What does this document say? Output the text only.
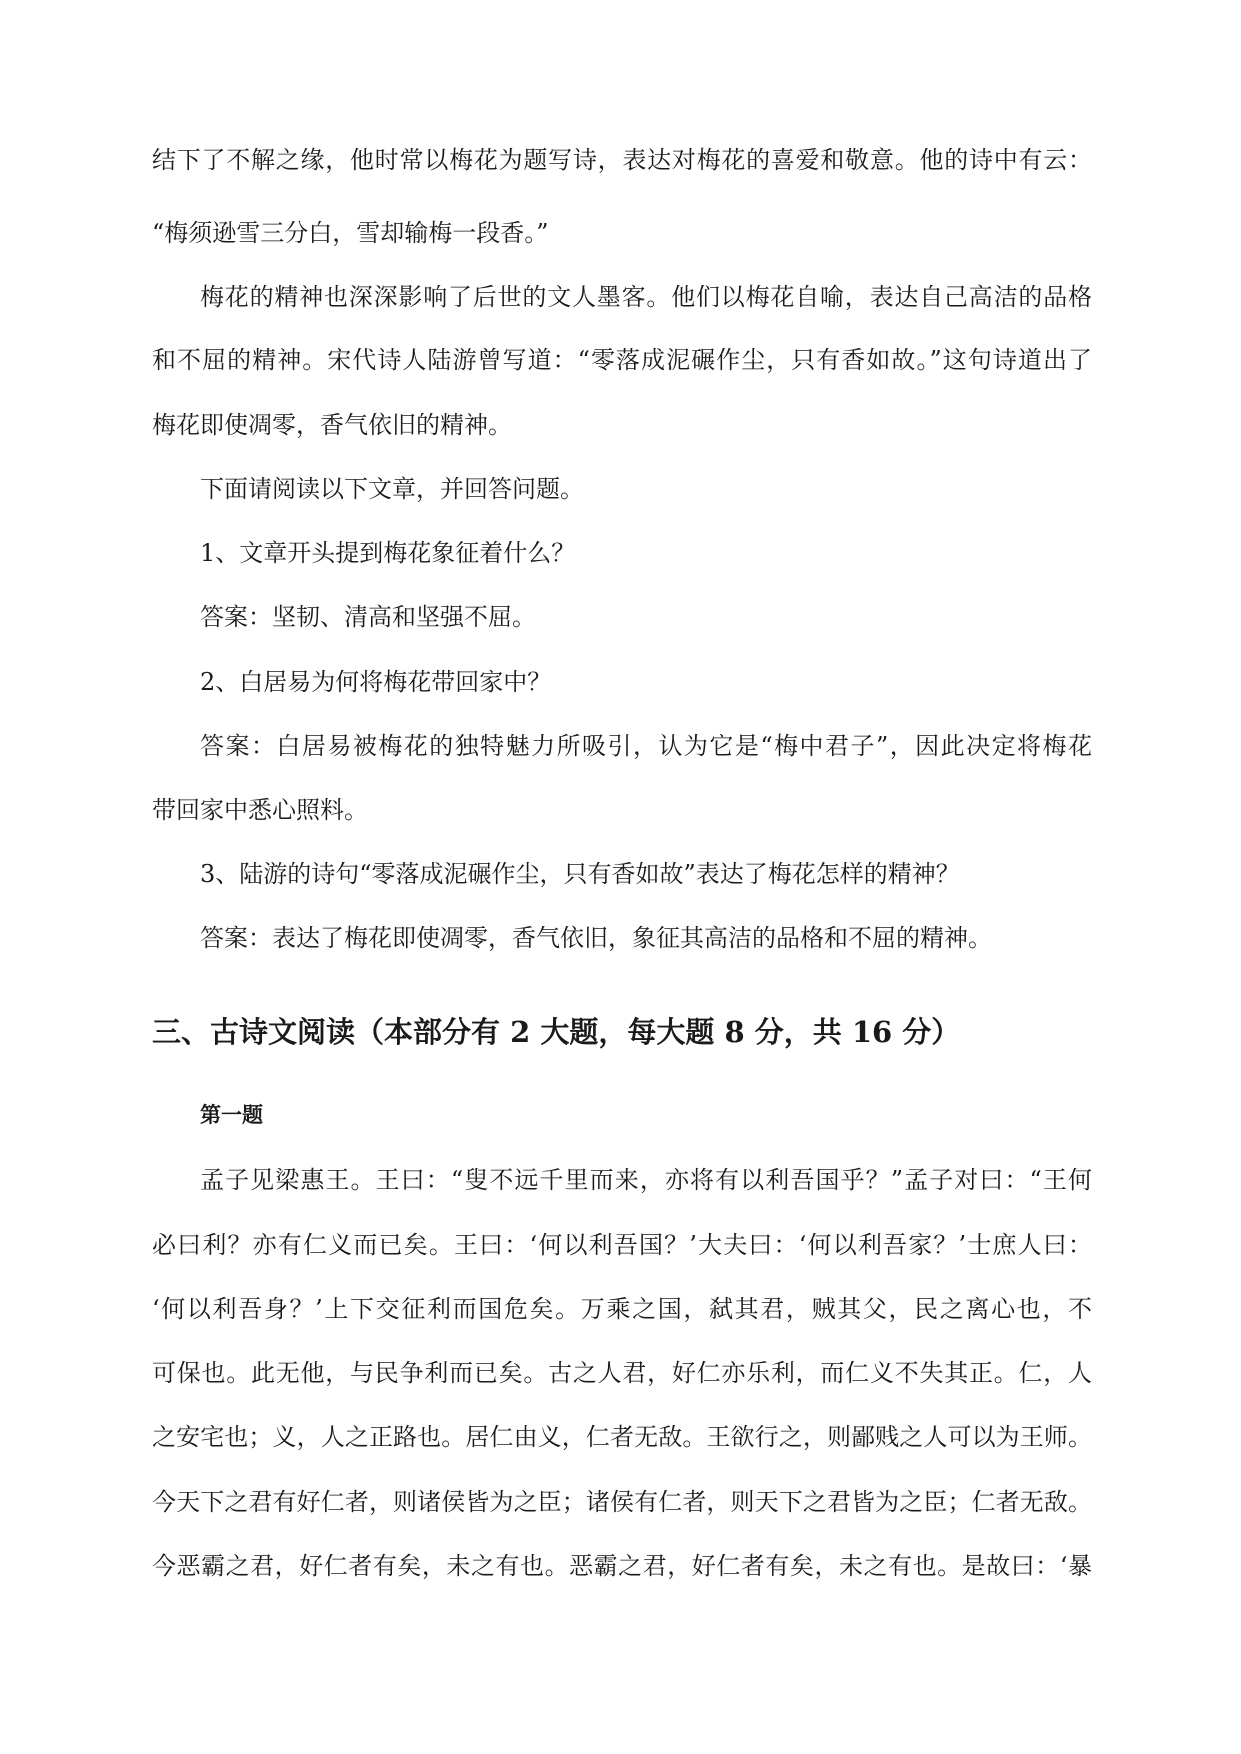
结下了不解之缘，他时常以梅花为题写诗，表达对梅花的喜爱和敬意。他的诗中有云：
“梅须逊雪三分白，雪却输梅一段香。”
梅花的精神也深深影响了后世的文人墨客。他们以梅花自喻，表达自己高洁的品格
和不屈的精神。宋代诗人陆游曾写道：“零落成泥碾作尘，只有香如故。”这句诗道出了
梅花即使凋零，香气依旧的精神。
下面请阅读以下文章，并回答问题。
1、文章开头提到梅花象征着什么？
答案：坚韧、清高和坚强不屈。
2、白居易为何将梅花带回家中？
答案：白居易被梅花的独特魅力所吸引，认为它是“梅中君子”，因此决定将梅花
带回家中悉心照料。
3、陆游的诗句“零落成泥碾作尘，只有香如故”表达了梅花怎样的精神？
答案：表达了梅花即使凋零，香气依旧，象征其高洁的品格和不屈的精神。
三、古诗文阅读（本部分有 2 大题，每大题 8 分，共 16 分）
第一题
孟子见梁惠王。王曰：“叟不远千里而来，亦将有以利吾国乎？”孟子对曰：“王何
必曰利？亦有仁义而已矣。王曰：‘何以利吾国？’大夫曰：‘何以利吾家？’士庶人曰：
‘何以利吾身？’上下交征利而国危矣。万乘之国，弑其君，贼其父，民之离心也，不
可保也。此无他，与民争利而已矣。古之人君，好仁亦乐利，而仁义不失其正。仁，人
之安宅也；义，人之正路也。居仁由义，仁者无敌。王欲行之，则鄙贱之人可以为王师。
今天下之君有好仁者，则诸侯皆为之臣；诸侯有仁者，则天下之君皆为之臣；仁者无敌。
今恶霸之君，好仁者有矣，未之有也。恶霸之君，好仁者有矣，未之有也。是故曰：‘暴
